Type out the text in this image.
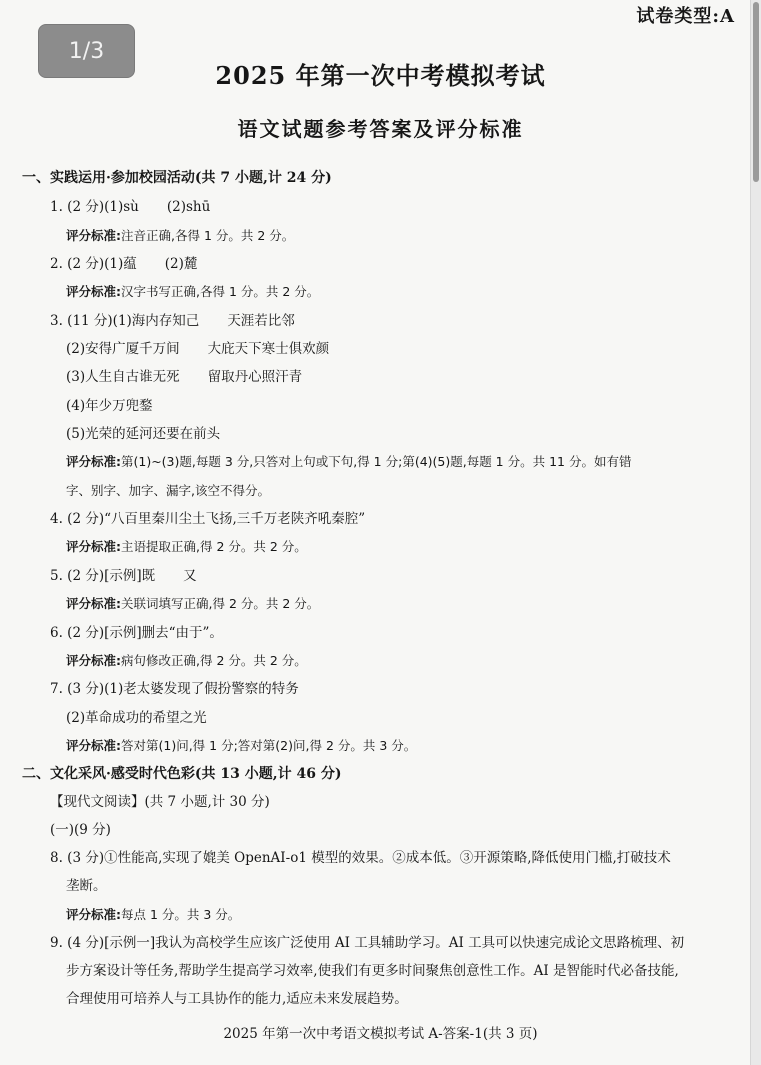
1/3
试卷类型:A
2025 年第一次中考模拟考试
语文试题参考答案及评分标准
一、实践运用·参加校园活动(共 7 小题,计 24 分)
1. (2 分)(1)sù (2)shū
评分标准:注音正确,各得 1 分。共 2 分。
2. (2 分)(1)蕴 (2)麓
评分标准:汉字书写正确,各得 1 分。共 2 分。
3. (11 分)(1)海内存知己 天涯若比邻
(2)安得广厦千万间 大庇天下寒士俱欢颜
(3)人生自古谁无死 留取丹心照汗青
(4)年少万兜鍪
(5)光荣的延河还要在前头
评分标准:第(1)~(3)题,每题 3 分,只答对上句或下句,得 1 分;第(4)(5)题,每题 1 分。共 11 分。如有错
字、别字、加字、漏字,该空不得分。
4. (2 分)“八百里秦川尘土飞扬,三千万老陕齐吼秦腔”
评分标准:主语提取正确,得 2 分。共 2 分。
5. (2 分)[示例]既 又
评分标准:关联词填写正确,得 2 分。共 2 分。
6. (2 分)[示例]删去“由于”。
评分标准:病句修改正确,得 2 分。共 2 分。
7. (3 分)(1)老太婆发现了假扮警察的特务
(2)革命成功的希望之光
评分标准:答对第(1)问,得 1 分;答对第(2)问,得 2 分。共 3 分。
二、文化采风·感受时代色彩(共 13 小题,计 46 分)
【现代文阅读】(共 7 小题,计 30 分)
(一)(9 分)
8. (3 分)①性能高,实现了媲美 OpenAI-o1 模型的效果。②成本低。③开源策略,降低使用门槛,打破技术
垄断。
评分标准:每点 1 分。共 3 分。
9. (4 分)[示例一]我认为高校学生应该广泛使用 AI 工具辅助学习。AI 工具可以快速完成论文思路梳理、初
步方案设计等任务,帮助学生提高学习效率,使我们有更多时间聚焦创意性工作。AI 是智能时代必备技能,
合理使用可培养人与工具协作的能力,适应未来发展趋势。
2025 年第一次中考语文模拟考试 A-答案-1(共 3 页)
